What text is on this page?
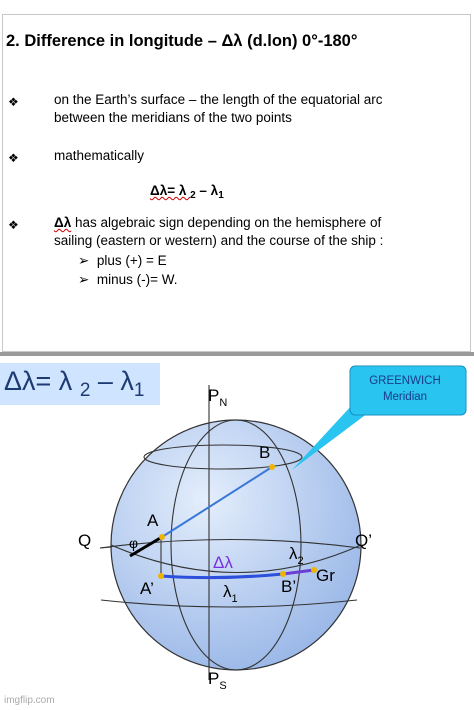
2. Difference in longitude – Δλ (d.lon) 0°-180°
❖	on the Earth’s surface – the length of the equatorial arc
between the meridians of the two points
❖	mathematically
Δλ= λ $_2 - \lambda_1$
❖	Δλ has algebraic sign depending on the hemisphere of
sailing (eastern or western) and the course of the ship :
➢ plus (+) = E
➢ minus (-)= W.
Δλ= λ $_2 - \lambda_1$	GREENWICH
Meridian
$P_N$
$P_S$
Q	Q’
A
A’
B
B’
Gr
Δλ	$\lambda_2$
$\lambda_1$
φ
imgflip.com
